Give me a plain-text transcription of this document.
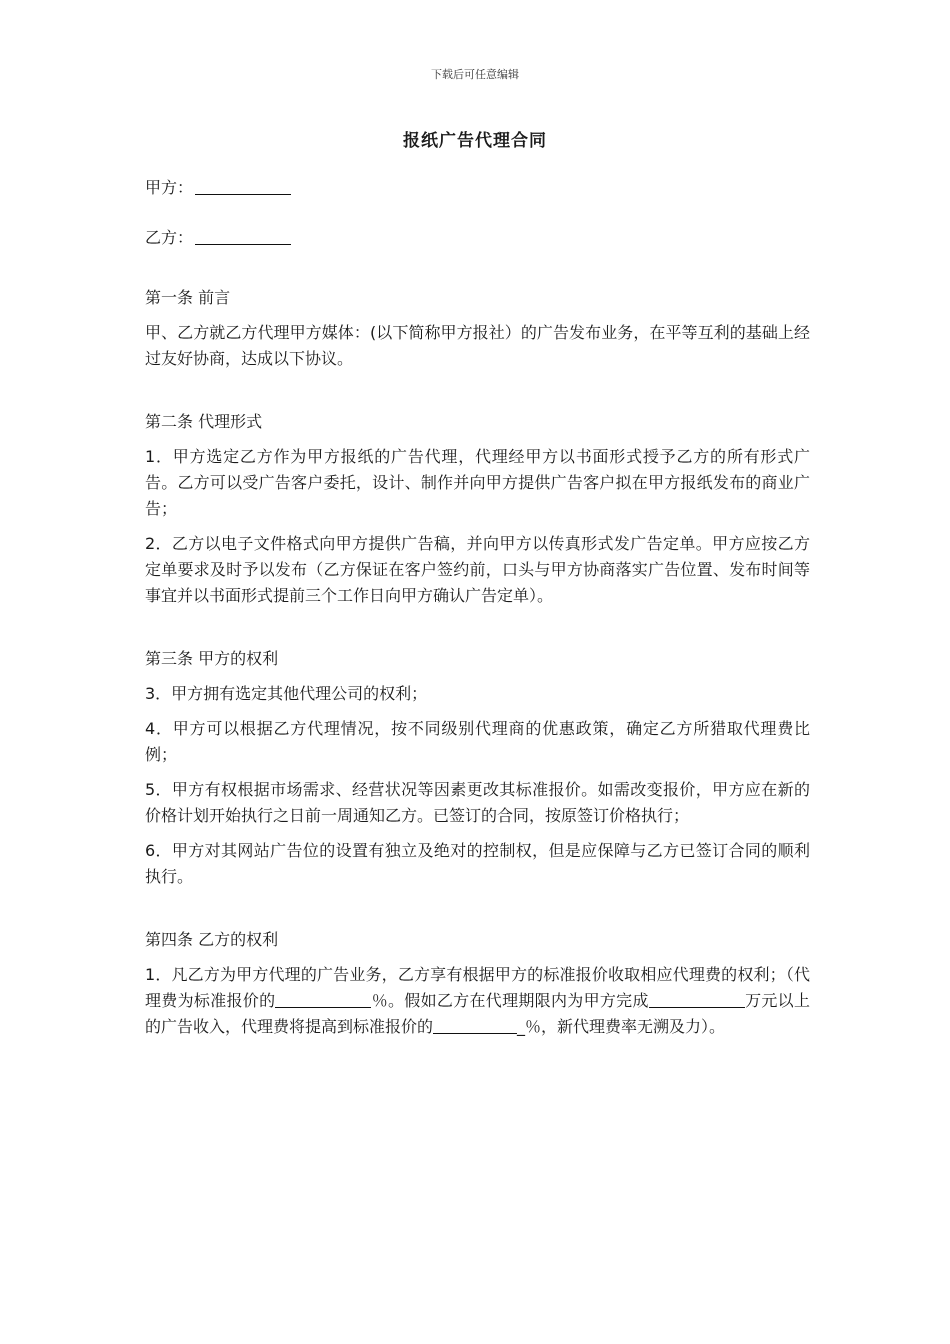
下载后可任意编辑
报纸广告代理合同
甲方：
乙方：

第一条 前言

甲、乙方就乙方代理甲方媒体：(以下简称甲方报社）的广告发布业务，在平等互利的基础上经过友好协商，达成以下协议。

第二条 代理形式

1．甲方选定乙方作为甲方报纸的广告代理，代理经甲方以书面形式授予乙方的所有形式广告。乙方可以受广告客户委托，设计、制作并向甲方提供广告客户拟在甲方报纸发布的商业广告；

2．乙方以电子文件格式向甲方提供广告稿，并向甲方以传真形式发广告定单。甲方应按乙方定单要求及时予以发布（乙方保证在客户签约前，口头与甲方协商落实广告位置、发布时间等事宜并以书面形式提前三个工作日向甲方确认广告定单）。

第三条 甲方的权利

3．甲方拥有选定其他代理公司的权利；

4．甲方可以根据乙方代理情况，按不同级别代理商的优惠政策，确定乙方所猎取代理费比例；

5．甲方有权根据市场需求、经营状况等因素更改其标准报价。如需改变报价，甲方应在新的价格计划开始执行之日前一周通知乙方。已签订的合同，按原签订价格执行；

6．甲方对其网站广告位的设置有独立及绝对的控制权，但是应保障与乙方已签订合同的顺利执行。

第四条 乙方的权利

1．凡乙方为甲方代理的广告业务，乙方享有根据甲方的标准报价收取相应代理费的权利；（代理费为标准报价的	％。假如乙方在代理期限内为甲方完成	万元以上的广告收入，代理费将提高到标准报价的	_％，新代理费率无溯及力）。
